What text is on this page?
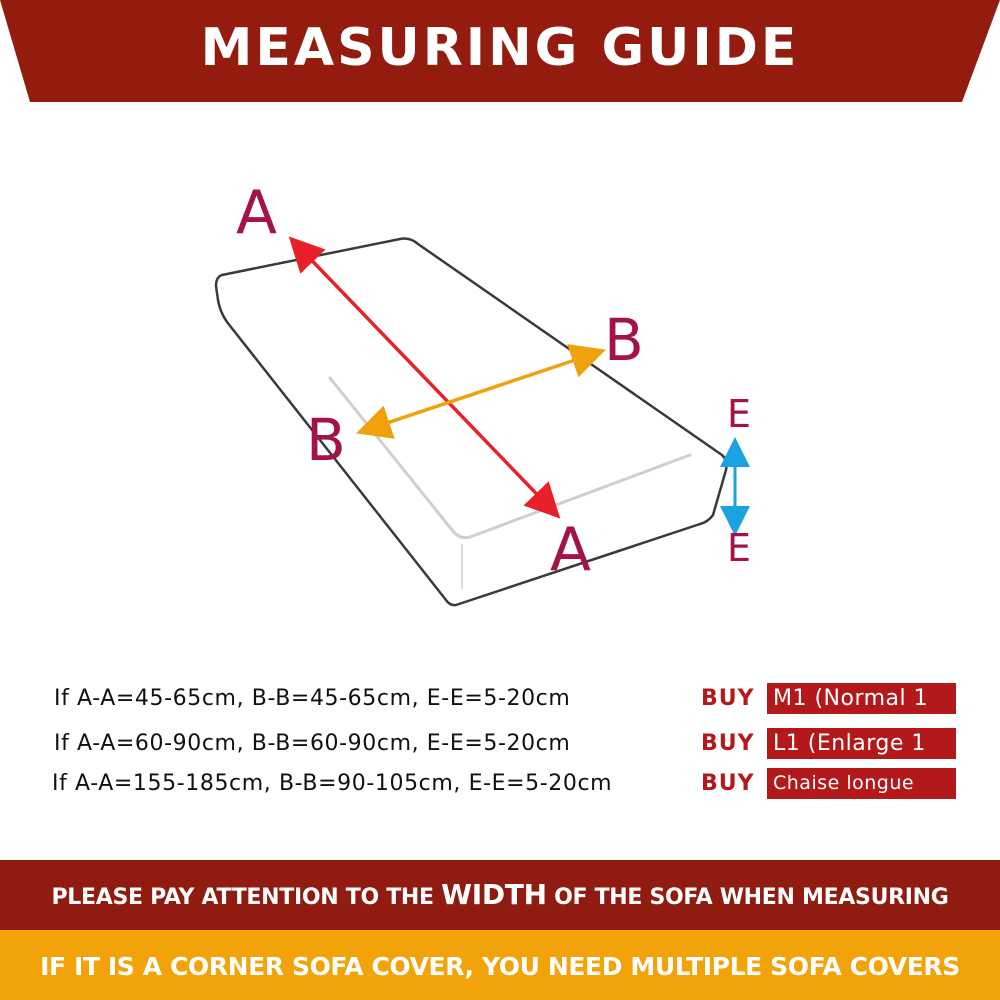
MEASURING GUIDE
A
A
B
B	E
E
If A-A=45-65cm, B-B=45-65cm, E-E=5-20cm	BUY M1 (Normal 1
If A-A=60-90cm, B-B=60-90cm, E-E=5-20cm	BUY L1 (Enlarge 1
If A-A=155-185cm, B-B=90-105cm, E-E=5-20cm	BUY Chaise longue
PLEASE PAY ATTENTION TO THE WIDTH OF THE SOFA WHEN MEASURING
IF IT IS A CORNER SOFA COVER, YOU NEED MULTIPLE SOFA COVERS
